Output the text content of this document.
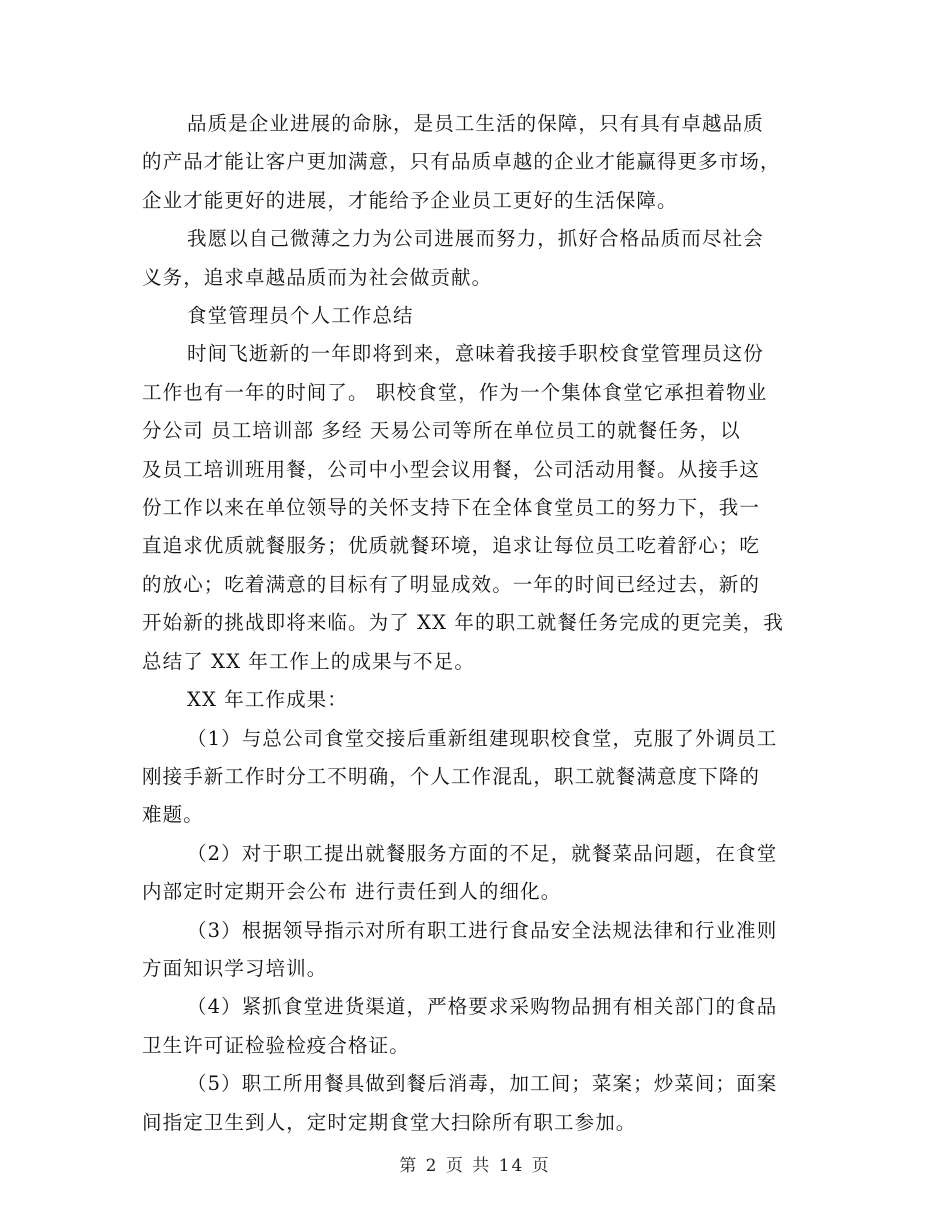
品质是企业进展的命脉，是员工生活的保障，只有具有卓越品质
的产品才能让客户更加满意，只有品质卓越的企业才能赢得更多市场，
企业才能更好的进展，才能给予企业员工更好的生活保障。

我愿以自己微薄之力为公司进展而努力，抓好合格品质而尽社会
义务，追求卓越品质而为社会做贡献。

食堂管理员个人工作总结

时间飞逝新的一年即将到来，意味着我接手职校食堂管理员这份
工作也有一年的时间了。 职校食堂，作为一个集体食堂它承担着物业
分公司 员工培训部 多经 天易公司等所在单位员工的就餐任务，以
及员工培训班用餐，公司中小型会议用餐，公司活动用餐。从接手这
份工作以来在单位领导的关怀支持下在全体食堂员工的努力下，我一
直追求优质就餐服务；优质就餐环境，追求让每位员工吃着舒心；吃
的放心；吃着满意的目标有了明显成效。一年的时间已经过去，新的
开始新的挑战即将来临。为了 XX 年的职工就餐任务完成的更完美，我
总结了 XX 年工作上的成果与不足。

XX 年工作成果：

（1）与总公司食堂交接后重新组建现职校食堂，克服了外调员工
刚接手新工作时分工不明确，个人工作混乱，职工就餐满意度下降的
难题。

（2）对于职工提出就餐服务方面的不足，就餐菜品问题，在食堂
内部定时定期开会公布 进行责任到人的细化。

（3）根据领导指示对所有职工进行食品安全法规法律和行业准则
方面知识学习培训。

（4）紧抓食堂进货渠道，严格要求采购物品拥有相关部门的食品
卫生许可证检验检疫合格证。

（5）职工所用餐具做到餐后消毒，加工间；菜案；炒菜间；面案
间指定卫生到人，定时定期食堂大扫除所有职工参加。

第 2 页 共 14 页
